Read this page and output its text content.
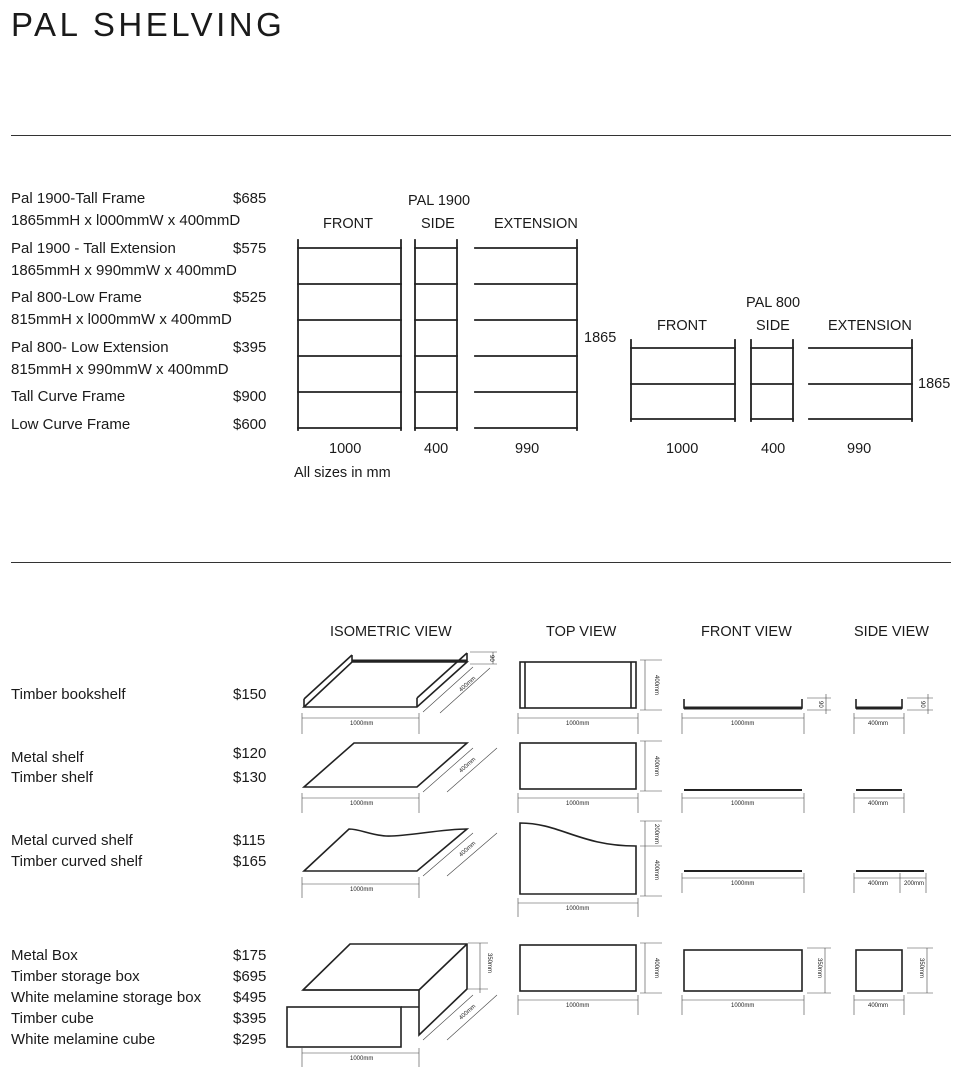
PAL SHELVING
Pal 1900-Tall Frame	$685
1865mmH x l000mmW x 400mmD
Pal 1900 - Tall Extension	$575
1865mmH x 990mmW x 400mmD
Pal 800-Low Frame	$525
815mmH x l000mmW x 400mmD
Pal 800- Low Extension	$395
815mmH x 990mmW x 400mmD
Tall Curve Frame	$900
Low Curve Frame	$600
PAL 1900
FRONT	SIDE	EXTENSION
1865
1000	400	990
All sizes in mm
PAL 800
FRONT	SIDE	EXTENSION
1865
1000	400	990
ISOMETRIC VIEW	TOP VIEW	FRONT VIEW	SIDE VIEW
Timber bookshelf	$150
Metal shelf	$120
Timber shelf	$130
Metal curved shelf	$115
Timber curved shelf	$165
Metal Box	$175
Timber storage box	$695
White melamine storage box $495
Timber cube	$395
White melamine cube	$295
1000mm	1000mm	1000mm	400mm
1000mm	1000mm	1000mm	400mm
1000mm
1000mm
1000mm	400mm	200mm
1000mm
1000mm	1000mm	400mm
400mm
400mm
200mm
400mm
400mm	350mm	350mm
350mm
90
90	90
400mm
400mm
400mm
400mm
